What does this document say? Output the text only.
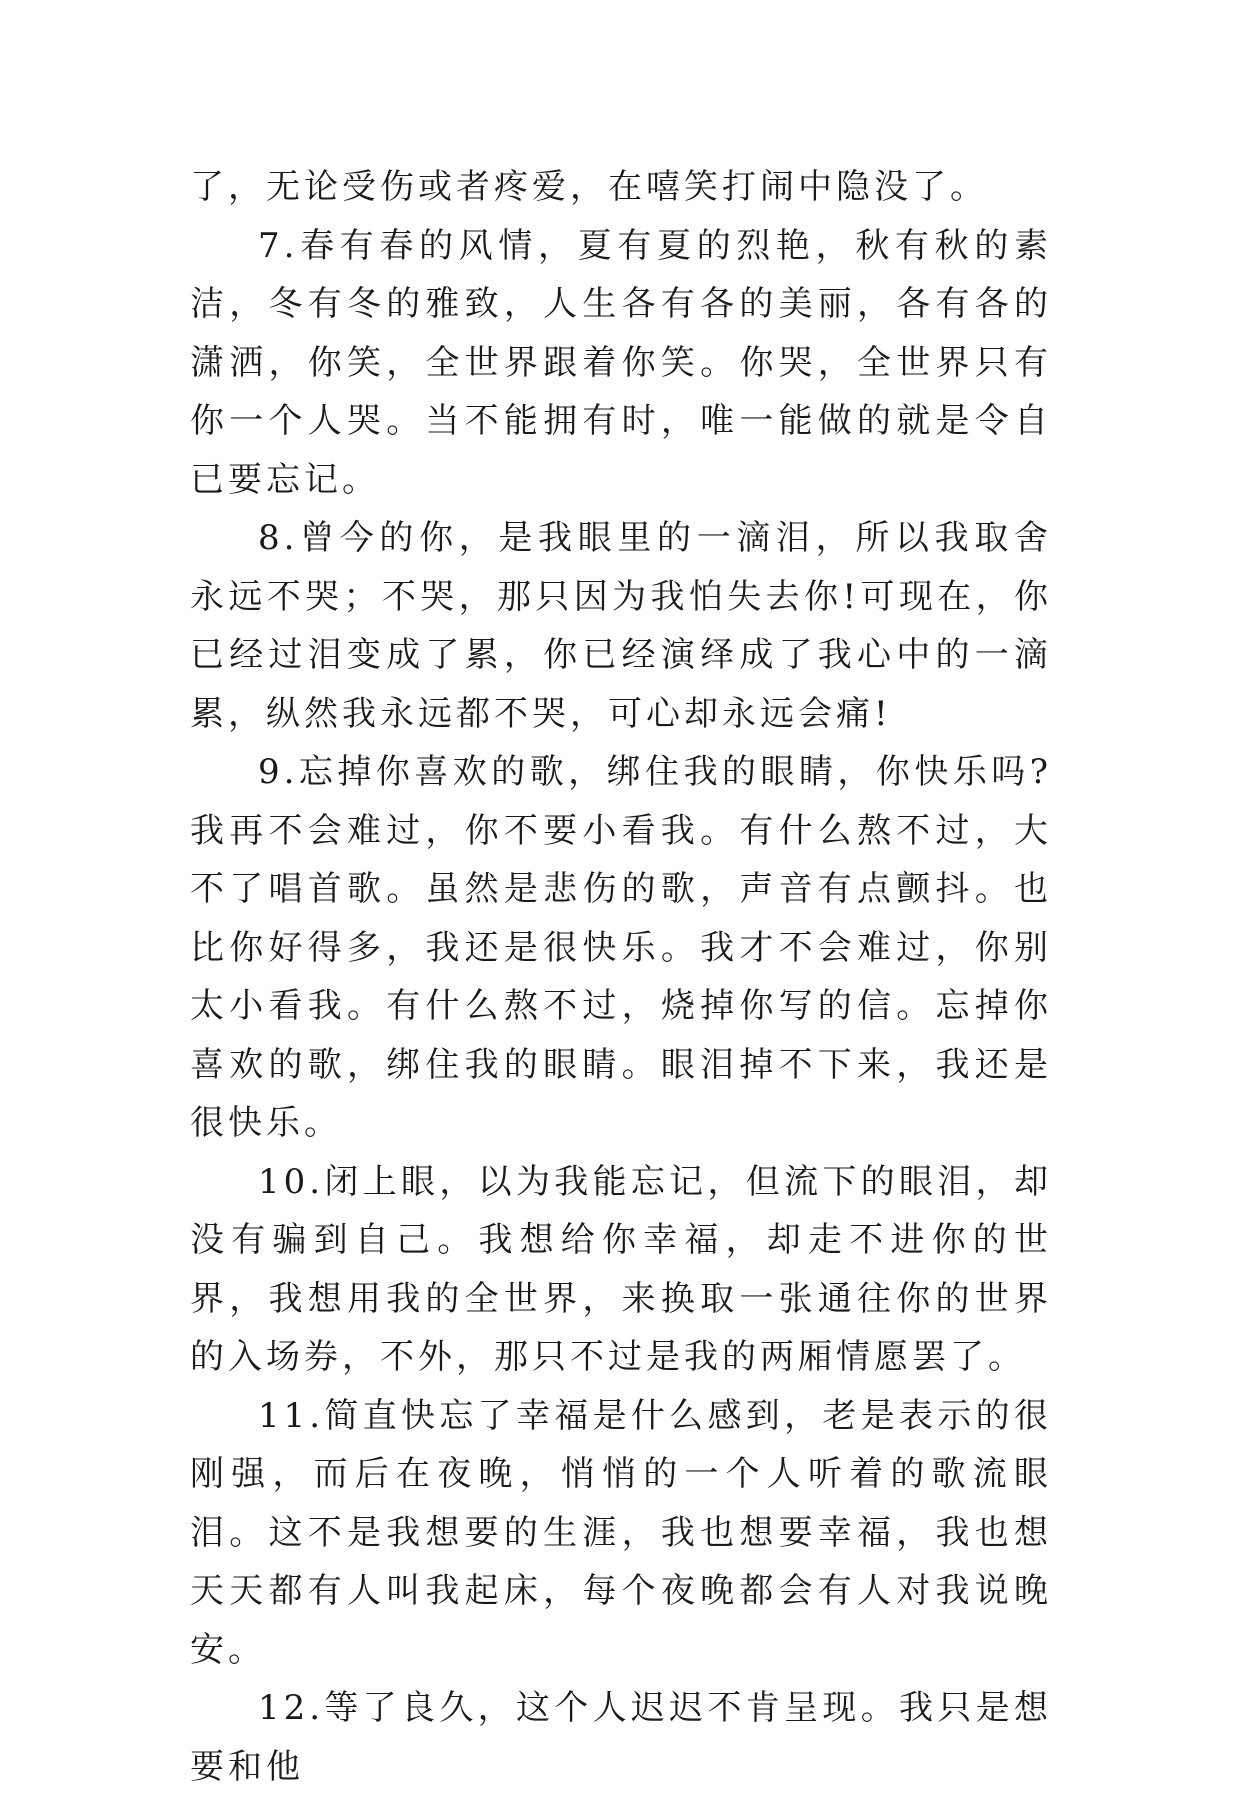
了，无论受伤或者疼爱，在嘻笑打闹中隐没了。

7.春有春的风情，夏有夏的烈艳，秋有秋的素洁，冬有冬的雅致，人生各有各的美丽，各有各的潇洒，你笑，全世界跟着你笑。你哭，全世界只有你一个人哭。当不能拥有时，唯一能做的就是令自已要忘记。

8.曾今的你，是我眼里的一滴泪，所以我取舍永远不哭；不哭，那只因为我怕失去你!可现在，你已经过泪变成了累，你已经演绎成了我心中的一滴累，纵然我永远都不哭，可心却永远会痛!

9.忘掉你喜欢的歌，绑住我的眼睛，你快乐吗?我再不会难过，你不要小看我。有什么熬不过，大不了唱首歌。虽然是悲伤的歌，声音有点颤抖。也比你好得多，我还是很快乐。我才不会难过，你别太小看我。有什么熬不过，烧掉你写的信。忘掉你喜欢的歌，绑住我的眼睛。眼泪掉不下来，我还是很快乐。

10.闭上眼，以为我能忘记，但流下的眼泪，却没有骗到自己。我想给你幸福，却走不进你的世界，我想用我的全世界，来换取一张通往你的世界的入场券，不外，那只不过是我的两厢情愿罢了。

11.简直快忘了幸福是什么感到，老是表示的很刚强，而后在夜晚，悄悄的一个人听着的歌流眼泪。这不是我想要的生涯，我也想要幸福，我也想天天都有人叫我起床，每个夜晚都会有人对我说晚安。

12.等了良久，这个人迟迟不肯呈现。我只是想要和他
